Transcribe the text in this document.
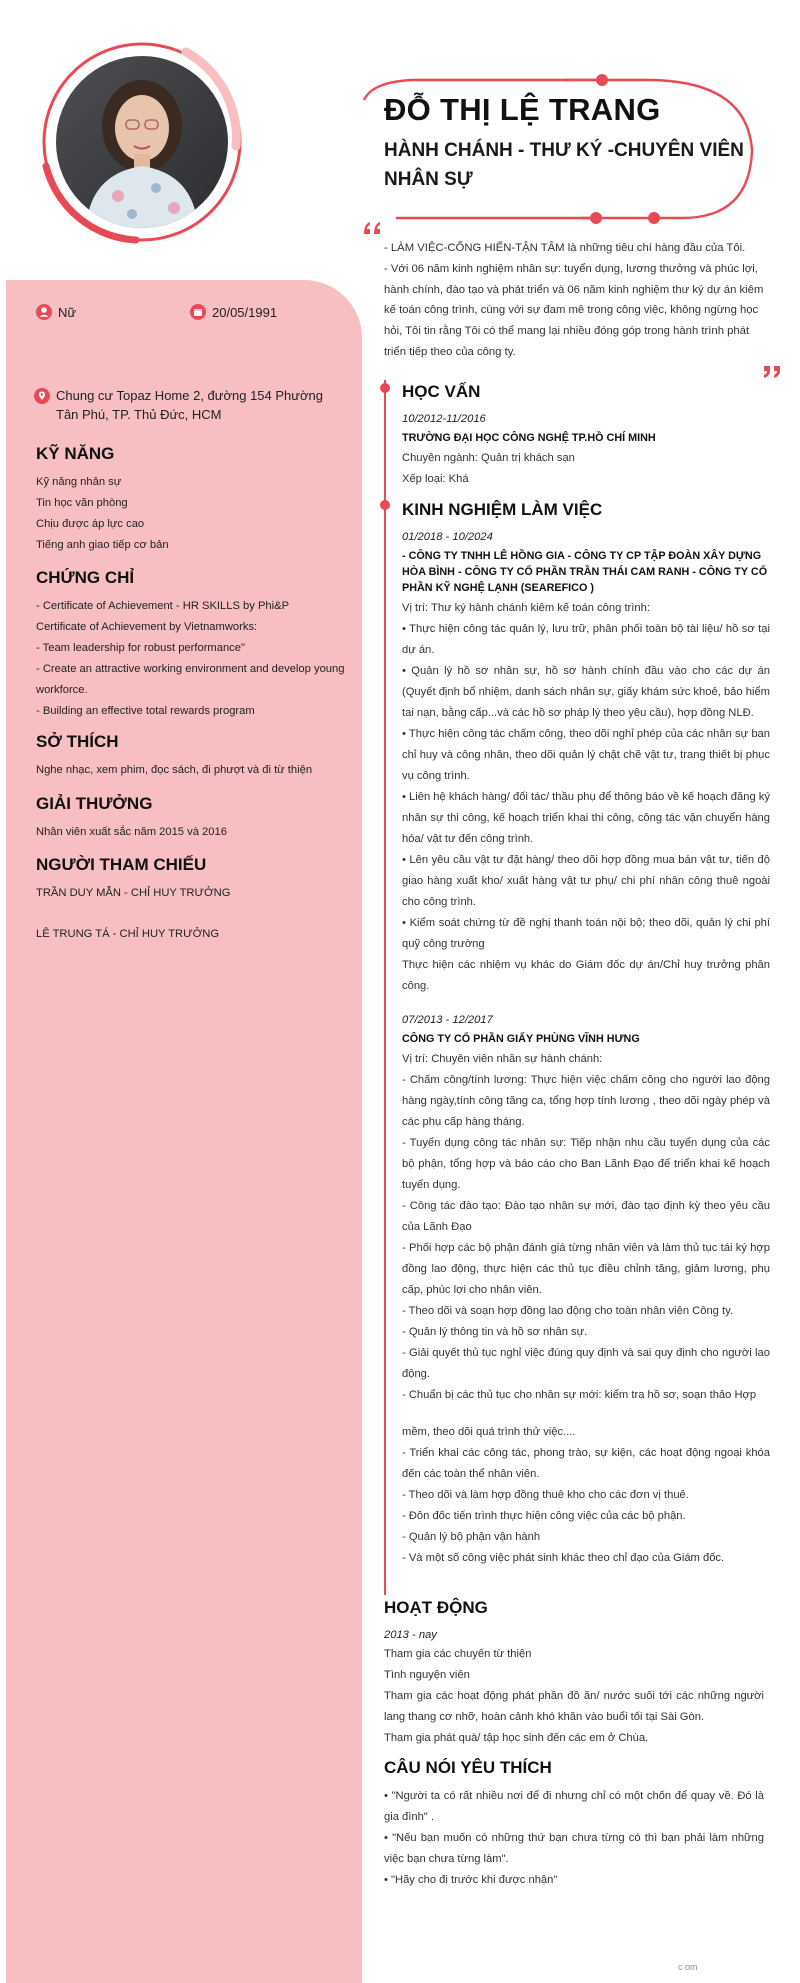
ĐỖ THỊ LỆ TRANG
HÀNH CHÁNH - THƯ KÝ -CHUYÊN VIÊN NHÂN SỰ
- LÀM VIỆC-CỐNG HIẾN-TẬN TÂM là những tiêu chí hàng đầu của Tôi.
- Với 06 năm kinh nghiệm nhân sự: tuyển dụng, lương thưởng và phúc lợi, hành chính, đào tạo và phát triển và 06 năm kinh nghiệm thư ký dự án kiêm kế toán công trình, cùng với sự đam mê trong công việc, không ngừng học hỏi, Tôi tin rằng Tôi có thể mang lại nhiều đóng góp trong hành trình phát triển tiếp theo của công ty.
Nữ	20/05/1991
Chung cư Topaz Home 2, đường 154 Phường Tân Phú, TP. Thủ Đức, HCM
KỸ NĂNG
Kỹ năng nhân sự
Tin học văn phòng
Chịu được áp lực cao
Tiếng anh giao tiếp cơ bản
CHỨNG CHỈ
- Certificate of Achievement - HR SKILLS by Phi&P
Certificate of Achievement by Vietnamworks:
- Team leadership for robust performance"
- Create an attractive working environment and develop young workforce.
- Building an effective total rewards program
SỞ THÍCH
Nghe nhạc, xem phim, đọc sách, đi phượt và đi từ thiện
GIẢI THƯỞNG
Nhân viên xuất sắc năm 2015 và 2016
NGƯỜI THAM CHIẾU
TRẦN DUY MẪN - CHỈ HUY TRƯỞNG
LÊ TRUNG TÁ - CHỈ HUY TRƯỞNG
HỌC VẤN
10/2012-11/2016
TRƯỜNG ĐẠI HỌC CÔNG NGHỆ TP.HỒ CHÍ MINH
Chuyên ngành: Quản trị khách sạn
Xếp loại: Khá
KINH NGHIỆM LÀM VIỆC
01/2018 - 10/2024
- CÔNG TY TNHH LÊ HỒNG GIA - CÔNG TY CP TẬP ĐOÀN XÂY DỰNG HÒA BÌNH - CÔNG TY CỔ PHẦN TRẦN THÁI CAM RANH - CÔNG TY CỔ PHẦN KỸ NGHỆ LẠNH (SEAREFICO )
Vị trí: Thư ký hành chánh kiêm kế toán công trình:
• Thực hiện công tác quản lý, lưu trữ, phân phối toàn bộ tài liệu/ hồ sơ tại dự án.
• Quản lý hồ sơ nhân sự, hồ sơ hành chính đầu vào cho các dự án (Quyết định bổ nhiệm, danh sách nhân sự, giấy khám sức khoẻ, bảo hiểm tai nạn, bằng cấp...và các hồ sơ pháp lý theo yêu cầu), hợp đồng NLĐ.
• Thực hiện công tác chấm công, theo dõi nghỉ phép của các nhân sự ban chỉ huy và công nhân, theo dõi quản lý chặt chẽ vật tư, trang thiết bị phục vụ công trình.
• Liên hệ khách hàng/ đối tác/ thầu phụ để thông báo về kế hoạch đăng ký nhân sự thi công, kế hoạch triển khai thi công, công tác vận chuyển hàng hóa/ vật tư đến công trình.
• Lên yêu cầu vật tư đặt hàng/ theo dõi hợp đồng mua bán vật tư, tiến độ giao hàng xuất kho/ xuất hàng vật tư phụ/ chi phí nhân công thuê ngoài cho công trình.
• Kiểm soát chứng từ đề nghị thanh toán nội bộ; theo dõi, quản lý chi phí quỹ công trường
Thực hiện các nhiệm vụ khác do Giám đốc dự án/Chỉ huy trưởng phân công.
07/2013 - 12/2017
CÔNG TY CỔ PHẦN GIẤY PHÙNG VĨNH HƯNG
Vị trí: Chuyên viên nhân sự hành chánh:
- Chấm công/tính lương: Thực hiện việc chấm công cho người lao động hàng ngày,tính công tăng ca, tổng hợp tính lương , theo dõi ngày phép và các phụ cấp hàng tháng.
- Tuyển dụng công tác nhân sự: Tiếp nhận nhu cầu tuyển dụng của các bộ phận, tổng hợp và báo cáo cho Ban Lãnh Đạo để triển khai kế hoạch tuyển dụng.
- Công tác đào tạo: Đào tạo nhân sự mới, đào tạo định kỳ theo yêu cầu của Lãnh Đạo
- Phối hợp các bộ phận đánh giá từng nhân viên và làm thủ tục tái ký hợp đồng lao động, thực hiện các thủ tục điều chỉnh tăng, giảm lương, phụ cấp, phúc lợi cho nhân viên.
- Theo dõi và soạn hợp đồng lao động cho toàn nhân viên Công ty.
- Quản lý thông tin và hồ sơ nhân sự.
- Giải quyết thủ tục nghỉ việc đúng quy định và sai quy định cho người lao động.
- Chuẩn bị các thủ tục cho nhân sự mới: kiểm tra hồ sơ, soạn thảo Hợp
mềm, theo dõi quá trình thử việc....
- Triển khai các công tác, phong trào, sự kiện, các hoạt động ngoại khóa đến các toàn thể nhân viên.
- Theo dõi và làm hợp đồng thuê kho cho các đơn vị thuê.
- Đôn đốc tiến trình thực hiện công việc của các bộ phận.
- Quản lý bộ phận vận hành
- Và một số công việc phát sinh khác theo chỉ đạo của Giám đốc.
HOẠT ĐỘNG
2013 - nay
Tham gia các chuyến từ thiện
Tình nguyện viên
Tham gia các hoạt động phát phần đồ ăn/ nước suối tới các những người lang thang cơ nhỡ, hoàn cảnh khó khăn vào buổi tối tại Sài Gòn.
Tham gia phát quà/ tập học sinh đến các em ở Chùa.
CÂU NÓI YÊU THÍCH
• "Người ta có rất nhiều nơi để đi nhưng chỉ có một chốn để quay về. Đó là gia đình" .
• "Nếu bạn muốn có những thứ bạn chưa từng có thì bạn phải làm những việc bạn chưa từng làm".
• "Hãy cho đi trước khi được nhận"
c om
